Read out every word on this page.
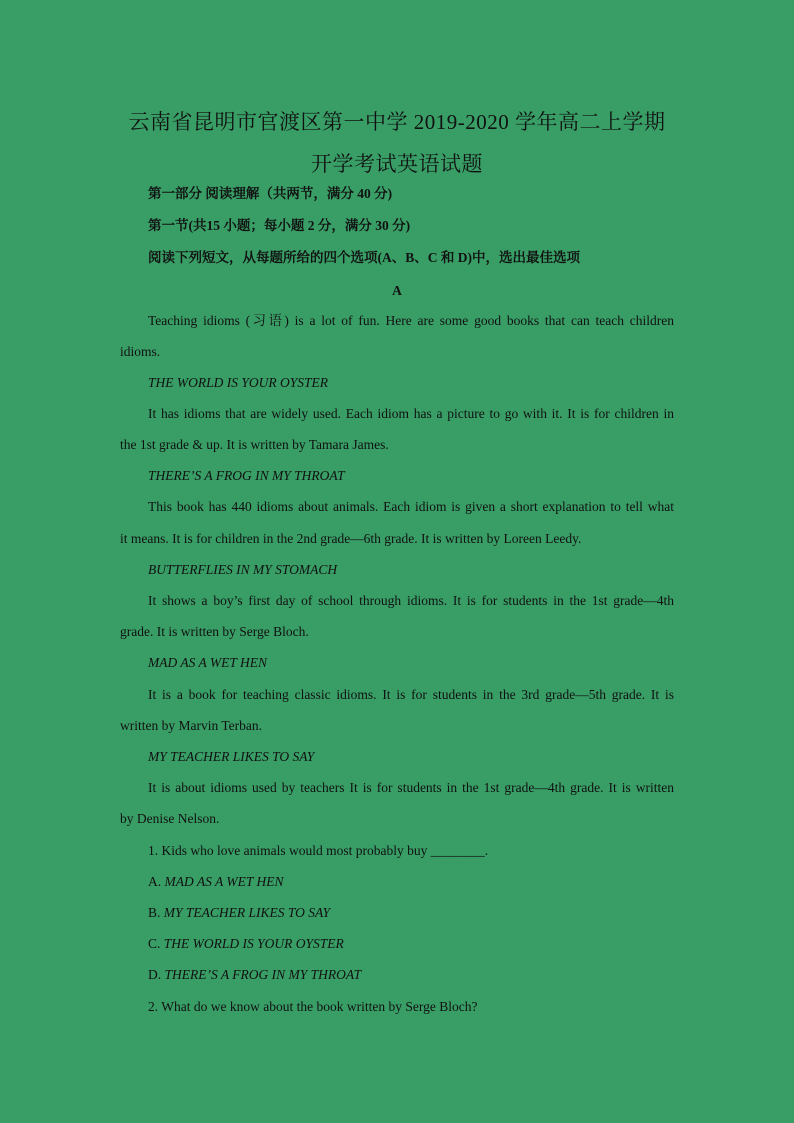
云南省昆明市官渡区第一中学 2019-2020 学年高二上学期
开学考试英语试题
第一部分 阅读理解（共两节，满分 40 分)
第一节(共15 小题；每小题 2 分，满分 30 分)
阅读下列短文，从每题所给的四个选项(A、B、C 和 D)中，选出最佳选项
A
Teaching idioms (习语) is a lot of fun. Here are some good books that can teach children
idioms.
THE WORLD IS YOUR OYSTER
It has idioms that are widely used. Each idiom has a picture to go with it. It is for children in
the 1st grade & up. It is written by Tamara James.
THERE’S A FROG IN MY THROAT
This book has 440 idioms about animals. Each idiom is given a short explanation to tell what
it means. It is for children in the 2nd grade—6th grade. It is written by Loreen Leedy.
BUTTERFLIES IN MY STOMACH
It shows a boy’s first day of school through idioms. It is for students in the 1st grade—4th
grade. It is written by Serge Bloch.
MAD AS A WET HEN
It is a book for teaching classic idioms. It is for students in the 3rd grade—5th grade. It is
written by Marvin Terban.
MY TEACHER LIKES TO SAY
It is about idioms used by teachers It is for students in the 1st grade—4th grade. It is written
by Denise Nelson.
1. Kids who love animals would most probably buy ________.
A. MAD AS A WET HEN
B. MY TEACHER LIKES TO SAY
C. THE WORLD IS YOUR OYSTER
D. THERE’S A FROG IN MY THROAT
2. What do we know about the book written by Serge Bloch?
